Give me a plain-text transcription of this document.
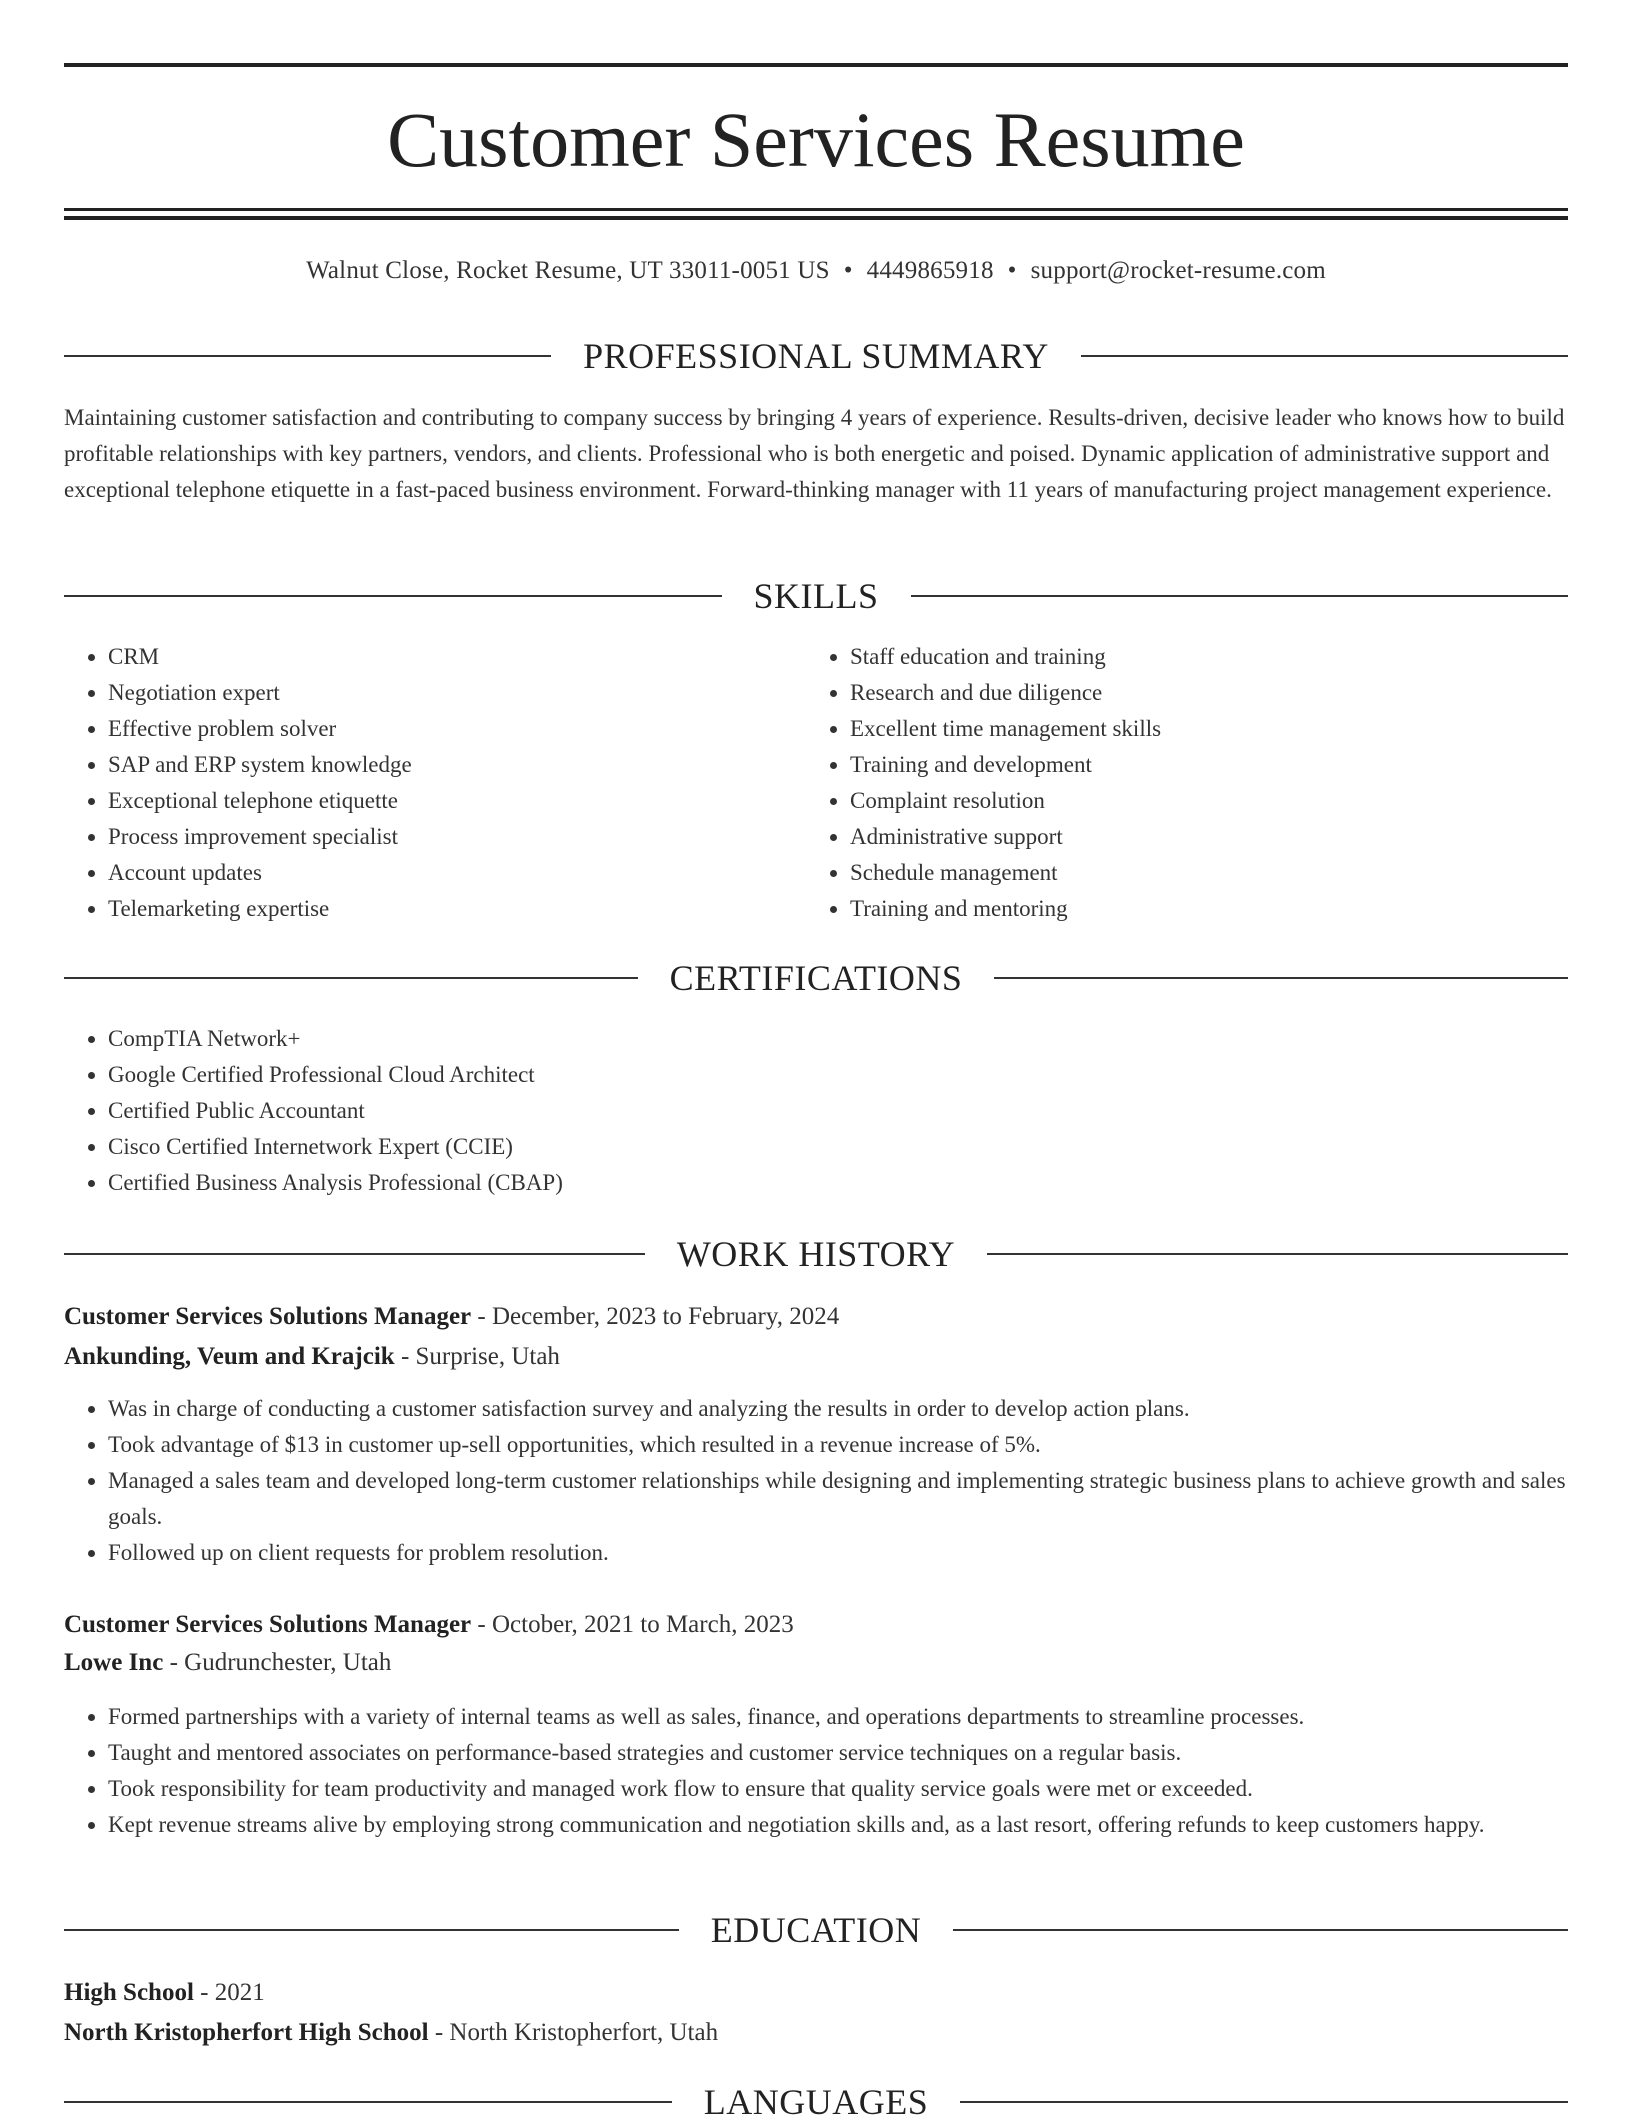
Customer Services Resume
Walnut Close, Rocket Resume, UT 33011-0051 US • 4449865918 • support@rocket-resume.com
PROFESSIONAL SUMMARY
Maintaining customer satisfaction and contributing to company success by bringing 4 years of experience. Results-driven, decisive leader who knows how to build profitable relationships with key partners, vendors, and clients. Professional who is both energetic and poised. Dynamic application of administrative support and exceptional telephone etiquette in a fast-paced business environment. Forward-thinking manager with 11 years of manufacturing project management experience.
SKILLS
• CRM
• Negotiation expert
• Effective problem solver
• SAP and ERP system knowledge
• Exceptional telephone etiquette
• Process improvement specialist
• Account updates
• Telemarketing expertise
• Staff education and training
• Research and due diligence
• Excellent time management skills
• Training and development
• Complaint resolution
• Administrative support
• Schedule management
• Training and mentoring
CERTIFICATIONS
• CompTIA Network+
• Google Certified Professional Cloud Architect
• Certified Public Accountant
• Cisco Certified Internetwork Expert (CCIE)
• Certified Business Analysis Professional (CBAP)
WORK HISTORY
Customer Services Solutions Manager - December, 2023 to February, 2024
Ankunding, Veum and Krajcik - Surprise, Utah
• Was in charge of conducting a customer satisfaction survey and analyzing the results in order to develop action plans.
• Took advantage of $13 in customer up-sell opportunities, which resulted in a revenue increase of 5%.
• Managed a sales team and developed long-term customer relationships while designing and implementing strategic business plans to achieve growth and sales goals.
• Followed up on client requests for problem resolution.
Customer Services Solutions Manager - October, 2021 to March, 2023
Lowe Inc - Gudrunchester, Utah
• Formed partnerships with a variety of internal teams as well as sales, finance, and operations departments to streamline processes.
• Taught and mentored associates on performance-based strategies and customer service techniques on a regular basis.
• Took responsibility for team productivity and managed work flow to ensure that quality service goals were met or exceeded.
• Kept revenue streams alive by employing strong communication and negotiation skills and, as a last resort, offering refunds to keep customers happy.
EDUCATION
High School - 2021
North Kristopherfort High School - North Kristopherfort, Utah
LANGUAGES
